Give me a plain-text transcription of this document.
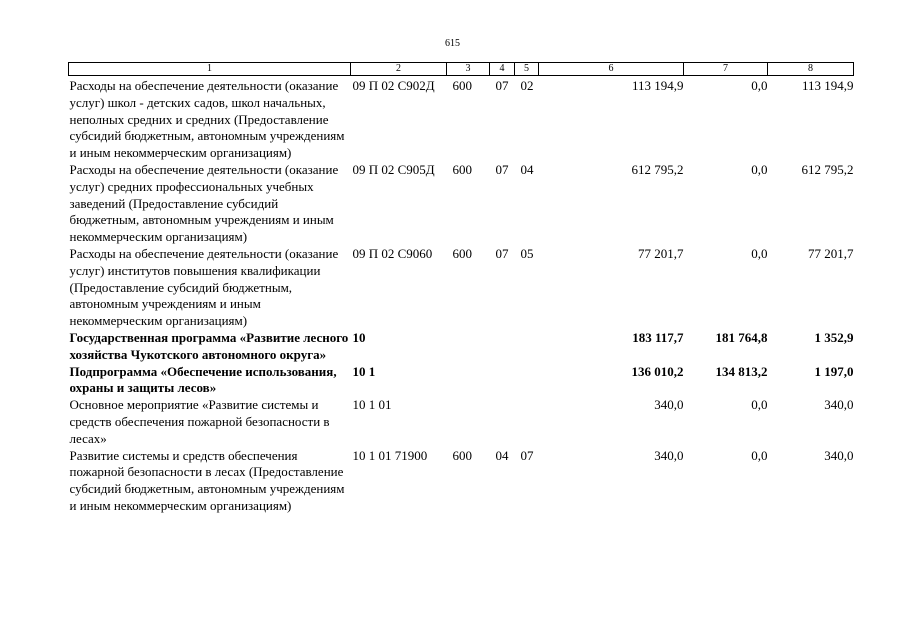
615
1	2	3	4	5	6	7	8
Расходы на обеспечение деятельности (оказание услуг) школ - детских садов, школ начальных, неполных средних и средних (Предоставление субсидий бюджетным, автономным учреждениям и иным некоммерческим организациям)	09 П 02 С902Д	600	07	02	113 194,9	0,0	113 194,9
Расходы на обеспечение деятельности (оказание услуг) средних профессиональных учебных заведений (Предоставление субсидий бюджетным, автономным учреждениям и иным некоммерческим организациям)	09 П 02 С905Д	600	07	04	612 795,2	0,0	612 795,2
Расходы на обеспечение деятельности (оказание услуг) институтов повышения квалификации (Предоставление субсидий бюджетным, автономным учреждениям и иным некоммерческим организациям)	09 П 02 С9060	600	07	05	77 201,7	0,0	77 201,7
Государственная программа «Развитие лесного хозяйства Чукотского автономного округа»	10				183 117,7	181 764,8	1 352,9
Подпрограмма «Обеспечение использования, охраны и защиты лесов»	10 1				136 010,2	134 813,2	1 197,0
Основное мероприятие «Развитие системы и средств обеспечения пожарной безопасности в лесах»	10 1 01				340,0	0,0	340,0
Развитие системы и средств обеспечения пожарной безопасности в лесах (Предоставление субсидий бюджетным, автономным учреждениям и иным некоммерческим организациям)	10 1 01 71900	600	04	07	340,0	0,0	340,0
